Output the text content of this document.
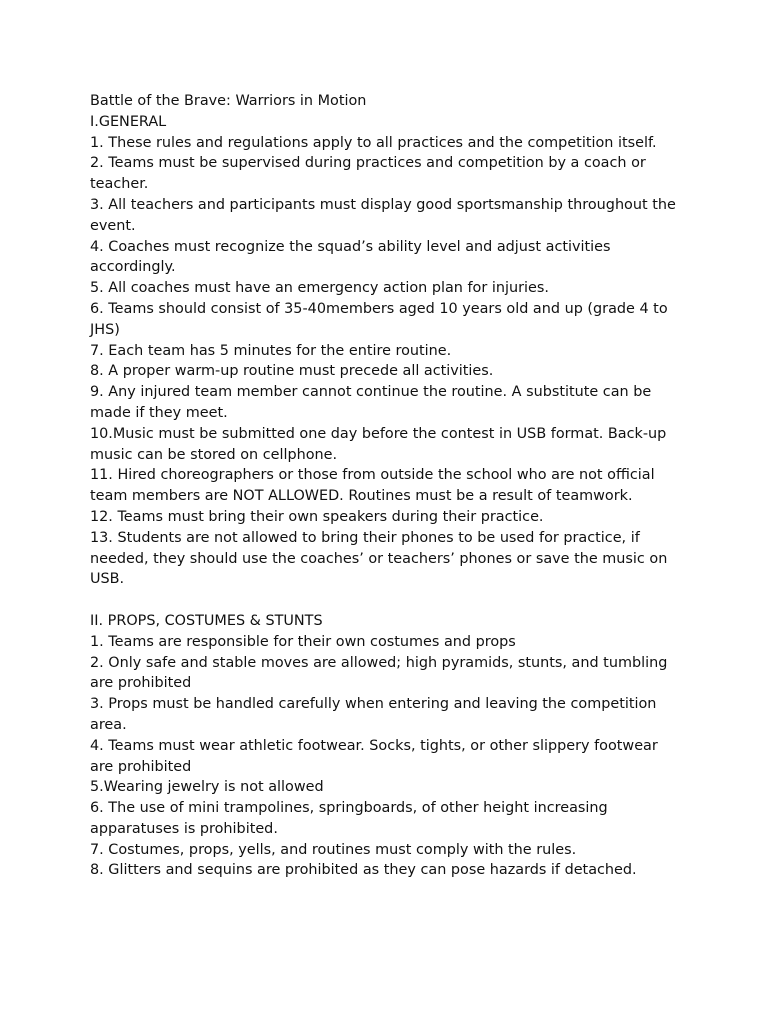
Battle of the Brave: Warriors in Motion
I.GENERAL
1. These rules and regulations apply to all practices and the competition itself.
2. Teams must be supervised during practices and competition by a coach or teacher.
3. All teachers and participants must display good sportsmanship throughout the event.
4. Coaches must recognize the squad’s ability level and adjust activities accordingly.
5. All coaches must have an emergency action plan for injuries.
6. Teams should consist of 35-40members aged 10 years old and up (grade 4 to JHS)
7. Each team has 5 minutes for the entire routine.
8. A proper warm-up routine must precede all activities.
9. Any injured team member cannot continue the routine. A substitute can be made if they meet.
10.Music must be submitted one day before the contest in USB format. Back-up music can be stored on cellphone.
11. Hired choreographers or those from outside the school who are not official team members are NOT ALLOWED. Routines must be a result of teamwork.
12. Teams must bring their own speakers during their practice.
13. Students are not allowed to bring their phones to be used for practice, if needed, they should use the coaches’ or teachers’ phones or save the music on USB.
II. PROPS, COSTUMES & STUNTS
1. Teams are responsible for their own costumes and props
2. Only safe and stable moves are allowed; high pyramids, stunts, and tumbling are prohibited
3. Props must be handled carefully when entering and leaving the competition area.
4. Teams must wear athletic footwear. Socks, tights, or other slippery footwear are prohibited
5.Wearing jewelry is not allowed
6. The use of mini trampolines, springboards, of other height increasing apparatuses is prohibited.
7. Costumes, props, yells, and routines must comply with the rules.
8. Glitters and sequins are prohibited as they can pose hazards if detached.
